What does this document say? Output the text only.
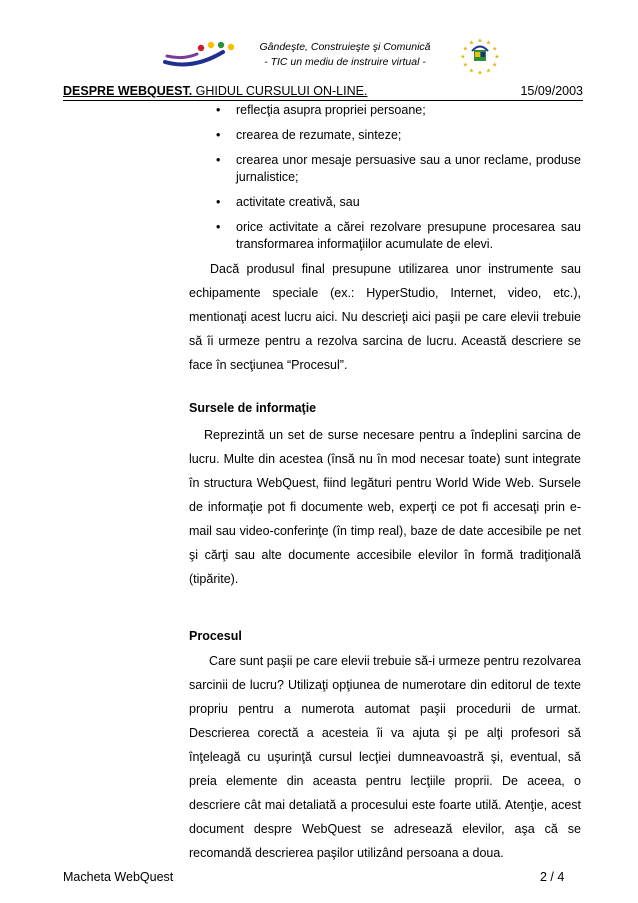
Gândeşte, Construieşte şi Comunică
- TIC un mediu de instruire virtual -	★
★
★
★
★
★
★
★
★ ★ ★
★
DESPRE WEBQUEST. GHIDUL CURSULUI ON-LINE.	15/09/2003
• reflecţia asupra propriei persoane;
• crearea de rezumate, sinteze;
• crearea unor mesaje persuasive sau a unor reclame, produse jurnalistice;
• activitate creativă, sau
• orice activitate a cărei rezolvare presupune procesarea sau transformarea informaţiilor acumulate de elevi.

Dacă produsul final presupune utilizarea unor instrumente sau echipamente speciale (ex.: HyperStudio, Internet, video, etc.), mentionaţi acest lucru aici. Nu descrieţi aici paşii pe care elevii trebuie să îi urmeze pentru a rezolva sarcina de lucru. Această descriere se face în secţiunea “Procesul”.

Sursele de informaţie

Reprezintă un set de surse necesare pentru a îndeplini sarcina de lucru. Multe din acestea (însă nu în mod necesar toate) sunt integrate în structura WebQuest, fiind legături pentru World Wide Web. Sursele de informaţie pot fi documente web, experţi ce pot fi accesaţi prin e-mail sau video-conferinţe (în timp real), baze de date accesibile pe net şi cărţi sau alte documente accesibile elevilor în formă tradiţională (tipărite).

Procesul

Care sunt paşii pe care elevii trebuie să-i urmeze pentru rezolvarea sarcinii de lucru? Utilizaţi opţiunea de numerotare din editorul de texte propriu pentru a numerota automat paşii procedurii de urmat. Descrierea corectă a acesteia îi va ajuta şi pe alţi profesori să înţeleagă cu uşurinţă cursul lecţiei dumneavoastră şi, eventual, să preia elemente din aceasta pentru lecţiile proprii. De aceea, o descriere cât mai detaliată a procesului este foarte utilă. Atenţie, acest document despre WebQuest se adresează elevilor, aşa că se recomandă descrierea paşilor utilizând persoana a doua.

Macheta WebQuest	2 / 4
